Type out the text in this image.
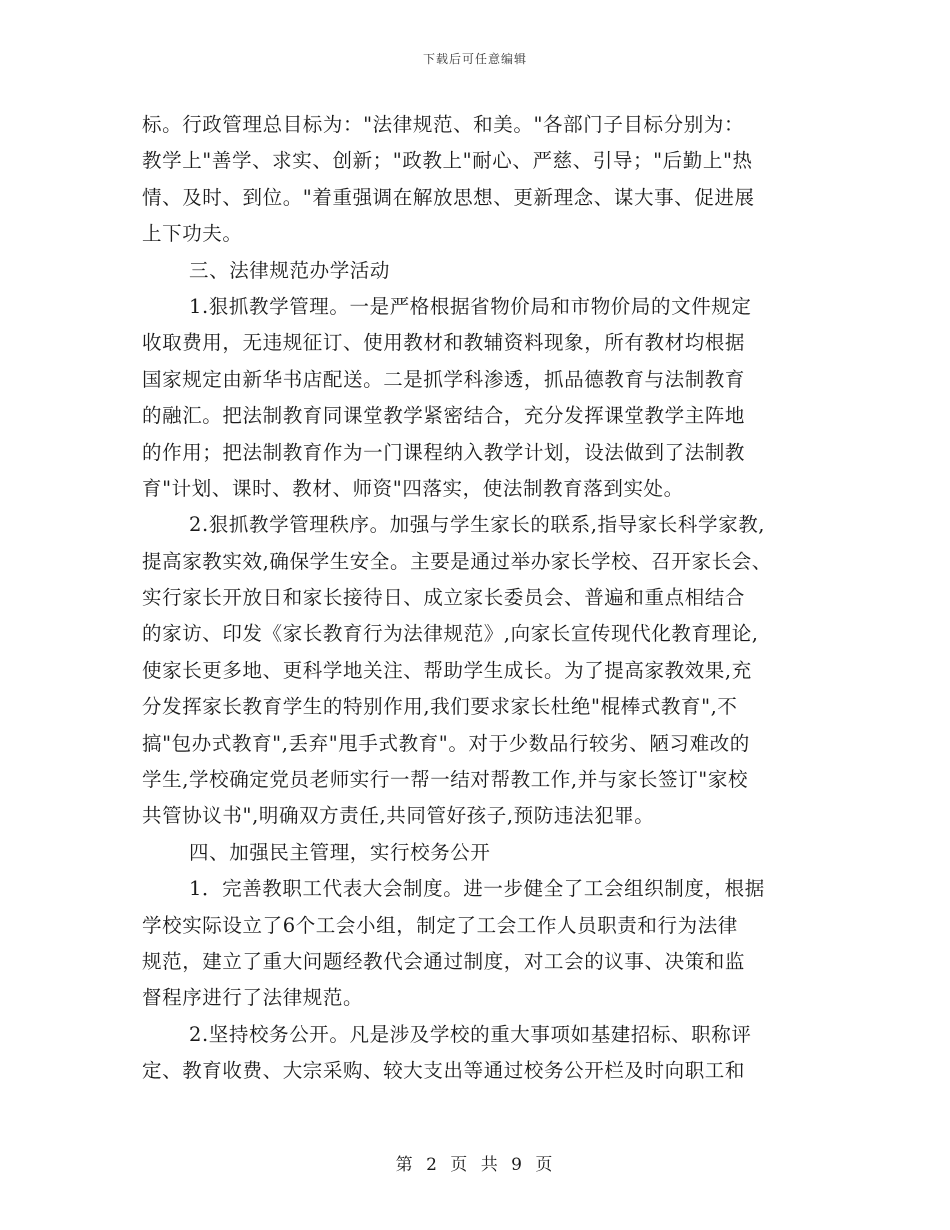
下载后可任意编辑
标。行政管理总目标为："法律规范、和美。"各部门子目标分别为：
教学上"善学、求实、创新；"政教上"耐心、严慈、引导；"后勤上"热
情、及时、到位。"着重强调在解放思想、更新理念、谋大事、促进展
上下功夫。
三、法律规范办学活动
1.狠抓教学管理。一是严格根据省物价局和市物价局的文件规定
收取费用，无违规征订、使用教材和教辅资料现象，所有教材均根据
国家规定由新华书店配送。二是抓学科渗透，抓品德教育与法制教育
的融汇。把法制教育同课堂教学紧密结合，充分发挥课堂教学主阵地
的作用；把法制教育作为一门课程纳入教学计划，设法做到了法制教
育"计划、课时、教材、师资"四落实，使法制教育落到实处。
2.狠抓教学管理秩序。加强与学生家长的联系,指导家长科学家教,
提高家教实效,确保学生安全。主要是通过举办家长学校、召开家长会、
实行家长开放日和家长接待日、成立家长委员会、普遍和重点相结合
的家访、印发《家长教育行为法律规范》,向家长宣传现代化教育理论,
使家长更多地、更科学地关注、帮助学生成长。为了提高家教效果,充
分发挥家长教育学生的特别作用,我们要求家长杜绝"棍棒式教育",不
搞"包办式教育",丢弃"甩手式教育"。对于少数品行较劣、陋习难改的
学生,学校确定党员老师实行一帮一结对帮教工作,并与家长签订"家校
共管协议书",明确双方责任,共同管好孩子,预防违法犯罪。
四、加强民主管理，实行校务公开
1．完善教职工代表大会制度。进一步健全了工会组织制度，根据
学校实际设立了6个工会小组，制定了工会工作人员职责和行为法律
规范，建立了重大问题经教代会通过制度，对工会的议事、决策和监
督程序进行了法律规范。
2.坚持校务公开。凡是涉及学校的重大事项如基建招标、职称评
定、教育收费、大宗采购、较大支出等通过校务公开栏及时向职工和
第 2 页 共 9 页
